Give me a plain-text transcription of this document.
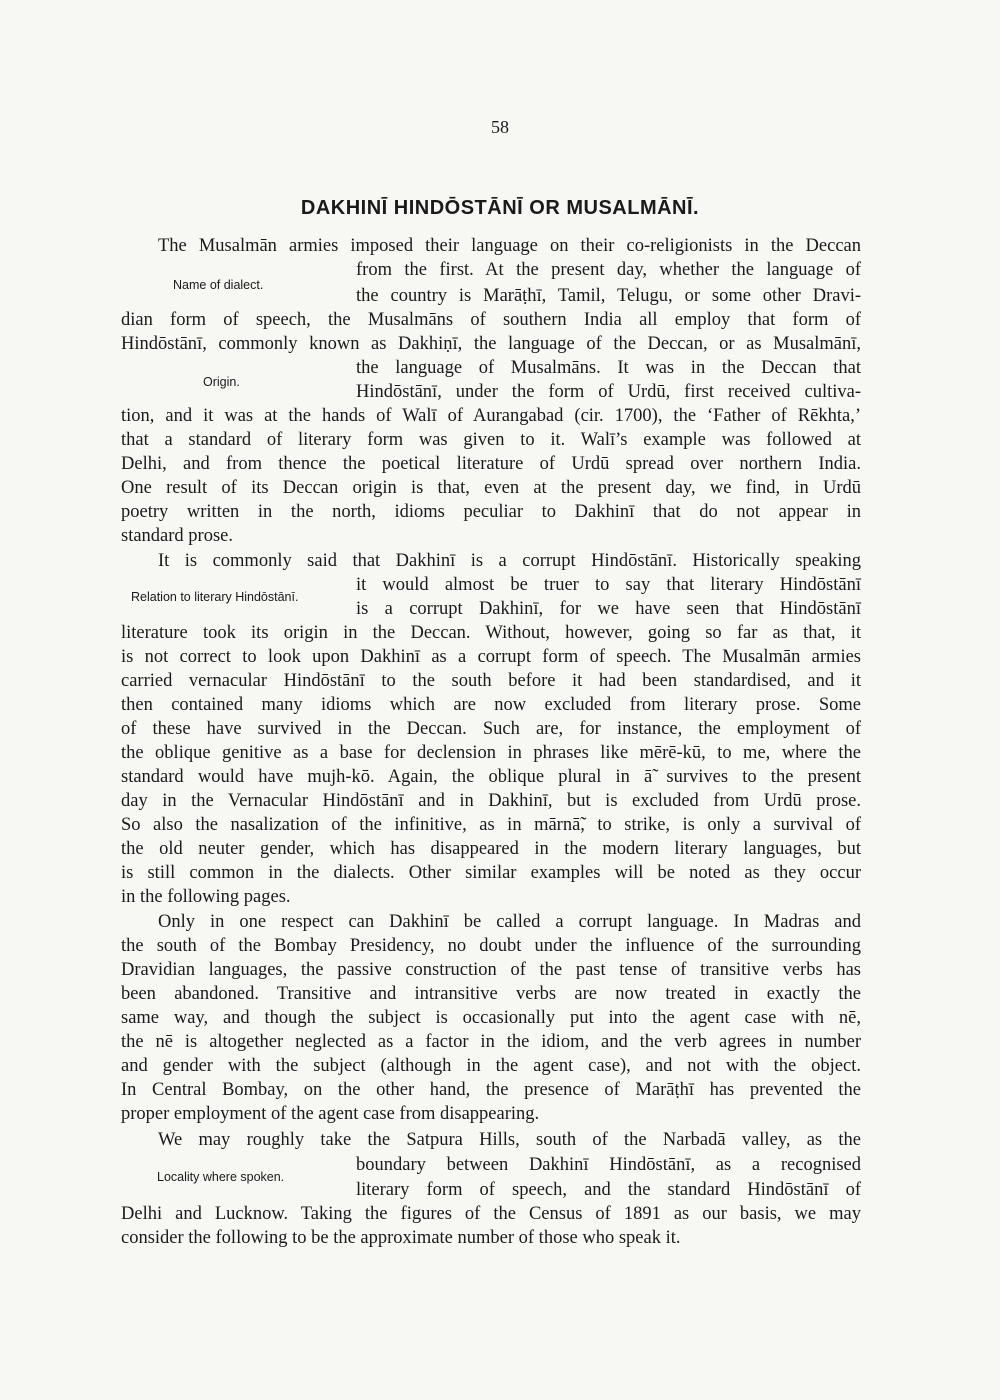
58
DAKHINĪ HINDŌSTĀNĪ OR MUSALMĀNĪ.
Name of dialect.
Origin.
Relation to literary Hindōstānī.
Locality where spoken.
The Musalmān armies imposed their language on their co-religionists in the Deccan
from the first. At the present day, whether the language of
the country is Marāṭhī, Tamil, Telugu, or some other Dravi-
dian form of speech, the Musalmāns of southern India all employ that form of
Hindōstānī, commonly known as Dakhiṇī, the language of the Deccan, or as Musalmānī,
the language of Musalmāns. It was in the Deccan that
Hindōstānī, under the form of Urdū, first received cultiva-
tion, and it was at the hands of Walī of Aurangabad (cir. 1700), the ‘Father of Rēkhta,’
that a standard of literary form was given to it. Walī’s example was followed at
Delhi, and from thence the poetical literature of Urdū spread over northern India.
One result of its Deccan origin is that, even at the present day, we find, in Urdū
poetry written in the north, idioms peculiar to Dakhinī that do not appear in
standard prose.
It is commonly said that Dakhinī is a corrupt Hindōstānī. Historically speaking
it would almost be truer to say that literary Hindōstānī
is a corrupt Dakhinī, for we have seen that Hindōstānī
literature took its origin in the Deccan. Without, however, going so far as that, it
is not correct to look upon Dakhinī as a corrupt form of speech. The Musalmān armies
carried vernacular Hindōstānī to the south before it had been standardised, and it
then contained many idioms which are now excluded from literary prose. Some
of these have survived in the Deccan. Such are, for instance, the employment of
the oblique genitive as a base for declension in phrases like mērē-kū, to me, where the
standard would have mujh-kō. Again, the oblique plural in ā̃ survives to the present
day in the Vernacular Hindōstānī and in Dakhinī, but is excluded from Urdū prose.
So also the nasalization of the infinitive, as in mārnā̃, to strike, is only a survival of
the old neuter gender, which has disappeared in the modern literary languages, but
is still common in the dialects. Other similar examples will be noted as they occur
in the following pages.
Only in one respect can Dakhinī be called a corrupt language. In Madras and
the south of the Bombay Presidency, no doubt under the influence of the surrounding
Dravidian languages, the passive construction of the past tense of transitive verbs has
been abandoned. Transitive and intransitive verbs are now treated in exactly the
same way, and though the subject is occasionally put into the agent case with nē,
the nē is altogether neglected as a factor in the idiom, and the verb agrees in number
and gender with the subject (although in the agent case), and not with the object.
In Central Bombay, on the other hand, the presence of Marāṭhī has prevented the
proper employment of the agent case from disappearing.
We may roughly take the Satpura Hills, south of the Narbadā valley, as the
boundary between Dakhinī Hindōstānī, as a recognised
literary form of speech, and the standard Hindōstānī of
Delhi and Lucknow. Taking the figures of the Census of 1891 as our basis, we may
consider the following to be the approximate number of those who speak it.
